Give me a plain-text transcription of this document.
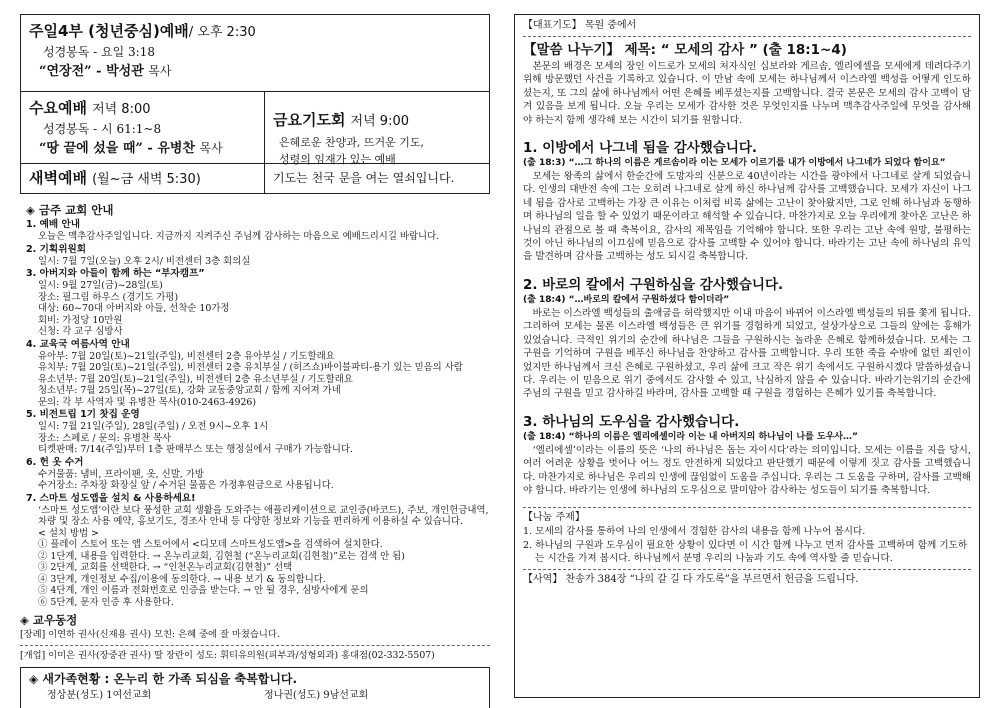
주일4부 (청년중심)예배/ 오후 2:30
성경봉독 - 요일 3:18
“연장전” - 박성관 목사
수요예배 저녁 8:00
성경봉독 - 시 61:1~8
“땅 끝에 섰을 때” - 유병찬 목사
금요기도회 저녁 9:00
은혜로운 찬양과, 뜨거운 기도,
성령의 임재가 있는 예배
새벽예배 (월~금 새벽 5:30)	기도는 천국 문을 여는 열쇠입니다.
◈ 금주 교회 안내
1. 예배 안내
오늘은 맥추감사주일입니다. 지금까지 지켜주신 주님께 감사하는 마음으로 예배드리시길 바랍니다.
2. 기획위원회
일시: 7월 7일(오늘) 오후 2시/ 비전센터 3층 회의실
3. 아버지와 아들이 함께 하는 “부자캠프”
일시: 9월 27일(금)~28일(토)
장소: 필그림 하우스 (경기도 가평)
대상: 60~70대 아버지와 아들, 선착순 10가정
회비: 가정당 10만원
신청: 각 교구 심방사
4. 교육국 여름사역 안내
유아부: 7월 20일(토)~21일(주일), 비전센터 2층 유아부실 / 기도할래요
유치부: 7월 20일(토)~21일(주일), 비전센터 2층 유치부실 / (히즈쇼)바이블파티-용기 있는 믿음의 사람
유소년부: 7월 20일(토)~21일(주일), 비전센터 2층 유소년부실 / 기도할래요
청소년부: 7월 25일(목)~27일(토), 강화 교동중앙교회 / 함께 지어져 가네
문의: 각 부 사역자 및 유병찬 목사(010-2463-4926)
5. 비전트립 1기 찻집 운영
일시: 7월 21일(주일), 28일(주일) / 오전 9시~오후 1시
장소: 스페로 / 문의: 유병찬 목사
티켓판매: 7/14(주일)부터 1층 판매부스 또는 행정실에서 구매가 가능합니다.
6. 헌 옷 수거
수거물품: 냄비, 프라이팬, 옷, 신발, 가방
수거장소: 주차장 화장실 앞 / 수거된 물품은 가정후원금으로 사용됩니다.
7. 스마트 성도앱을 설치 & 사용하세요!
‘스마트 성도앱’이란 보다 풍성한 교회 생활을 도와주는 애플리케이션으로 교인증(바코드), 주보, 개인헌금내역, 차량 및 장소 사용 예약, 홍보기도, 경조사 안내 등 다양한 정보와 기능을 편리하게 이용하실 수 있습니다.
< 설치 방법 >
① 플레이 스토어 또는 앱 스토어에서 <디모데 스마트성도앱>을 검색하여 설치한다.
② 1단계, 내용을 입력한다. → 온누리교회, 김현철 (“온누리교회(김현철)”로는 검색 안 됨)
③ 2단계, 교회를 선택한다. → “인천온누리교회(김현철)” 선택
④ 3단계, 개인정보 수집/이용에 동의한다. → 내용 보기 & 동의합니다.
⑤ 4단계, 개인 이름과 전화번호로 인증을 받는다. → 안 될 경우, 심방사에게 문의
⑥ 5단계, 문자 인증 후 사용한다.
◈ 교우동정
[장례] 이연하 권사(신재용 권사) 모친: 은혜 중에 잘 마쳤습니다.
[개업] 이미은 권사(장중관 권사) 딸 장란이 성도: 휘티유의원(피부과/성형외과) 홍대점(02-332-5507)
◈ 새가족현황 : 온누리 한 가족 되심을 축복합니다.
정상분(성도) 1여선교회	정나권(성도) 9남선교회
【대표기도】 목원 중에서
【말씀 나누기】 제목: “ 모세의 감사 ” (출 18:1~4)
본문의 배경은 모세의 장인 이드로가 모세의 처자식인 십보라와 게르솜, 엘리에셀을 모세에게 데려다주기 위해 방문했던 사건을 기록하고 있습니다. 이 만남 속에 모세는 하나님께서 이스라엘 백성을 어떻게 인도하셨는지, 또 그의 삶에 하나님께서 어떤 은혜를 베푸셨는지를 고백합니다. 결국 본문은 모세의 감사 고백이 담겨 있음을 보게 됩니다. 오늘 우리는 모세가 감사한 것은 무엇인지를 나누며 맥추감사주일에 무엇을 감사해야 하는지 함께 생각해 보는 시간이 되기를 원합니다.
1. 이방에서 나그네 됨을 감사했습니다.
(출 18:3) “…그 하나의 이름은 게르솜이라 이는 모세가 이르기를 내가 이방에서 나그네가 되었다 함이요”
모세는 왕족의 삶에서 한순간에 도망자의 신분으로 40년이라는 시간을 광야에서 나그네로 살게 되었습니다. 인생의 대반전 속에 그는 오히려 나그네로 살게 하신 하나님께 감사를 고백했습니다. 모세가 자신이 나그네 됨을 감사로 고백하는 가장 큰 이유는 이처럼 비록 삶에는 고난이 찾아왔지만, 그로 인해 하나님과 동행하며 하나님의 일을 할 수 있었기 때문이라고 해석할 수 있습니다. 마찬가지로 오늘 우리에게 찾아온 고난은 하나님의 관점으로 볼 때 축복이요, 감사의 제목임을 기억해야 합니다. 또한 우리는 고난 속에 원망, 불평하는 것이 아닌 하나님의 이끄심에 믿음으로 감사를 고백할 수 있어야 합니다. 바라기는 고난 속에 하나님의 유익을 발견하며 감사를 고백하는 성도 되시길 축복합니다.
2. 바로의 칼에서 구원하심을 감사했습니다.
(출 18:4) “…바로의 칼에서 구원하셨다 함이더라”
바로는 이스라엘 백성들의 출애굽을 허락했지만 이내 마음이 바뀌어 이스라엘 백성들의 뒤를 쫓게 됩니다. 그리하여 모세는 물론 이스라엘 백성들은 큰 위기를 경험하게 되었고, 설상가상으로 그들의 앞에는 홍해가 있었습니다. 극적인 위기의 순간에 하나님은 그들을 구원하시는 놀라운 은혜로 함께하셨습니다. 모세는 그 구원을 기억하며 구원을 베푸신 하나님을 찬양하고 감사를 고백합니다. 우리 또한 죽을 수밖에 없던 죄인이었지만 하나님께서 크신 은혜로 구원하셨고, 우리 삶에 크고 작은 위기 속에서도 구원하시겠다 말씀하셨습니다. 우리는 이 믿음으로 위기 중에서도 감사할 수 있고, 낙심하지 않을 수 있습니다. 바라기는위기의 순간에 주님의 구원을 믿고 감사하길 바라며, 감사를 고백할 때 구원을 경험하는 은혜가 있기를 축복합니다.
3. 하나님의 도우심을 감사했습니다.
(출 18:4) “하나의 이름은 엘리에셀이라 이는 내 아버지의 하나님이 나를 도우사…”
‘엘리에셀’이라는 이름의 뜻은 ‘나의 하나님은 돕는 자이시다’라는 의미입니다. 모세는 이름을 지을 당시, 여러 어려운 상황을 벗어나 어느 정도 안전하게 되었다고 판단했기 때문에 이렇게 짓고 감사를 고백했습니다. 마찬가지로 하나님은 우리의 인생에 끊임없이 도움을 주십니다. 우리는 그 도움을 구하며, 감사를 고백해야 합니다. 바라기는 인생에 하나님의 도우심으로 말미암아 감사하는 성도들이 되기를 축복합니다.
【나눔 주제】
1. 모세의 감사를 통하여 나의 인생에서 경험한 감사의 내용을 함께 나누어 봅시다.
2. 하나님의 구원과 도우심이 필요한 상황이 있다면 이 시간 함께 나누고 먼저 감사를 고백하며 함께 기도하는 시간을 가져 봅시다. 하나님께서 분명 우리의 나눔과 기도 속에 역사할 줄 믿습니다.
【사역】 찬송가 384장 “나의 갈 길 다 가도록”을 부르면서 헌금을 드립니다.
